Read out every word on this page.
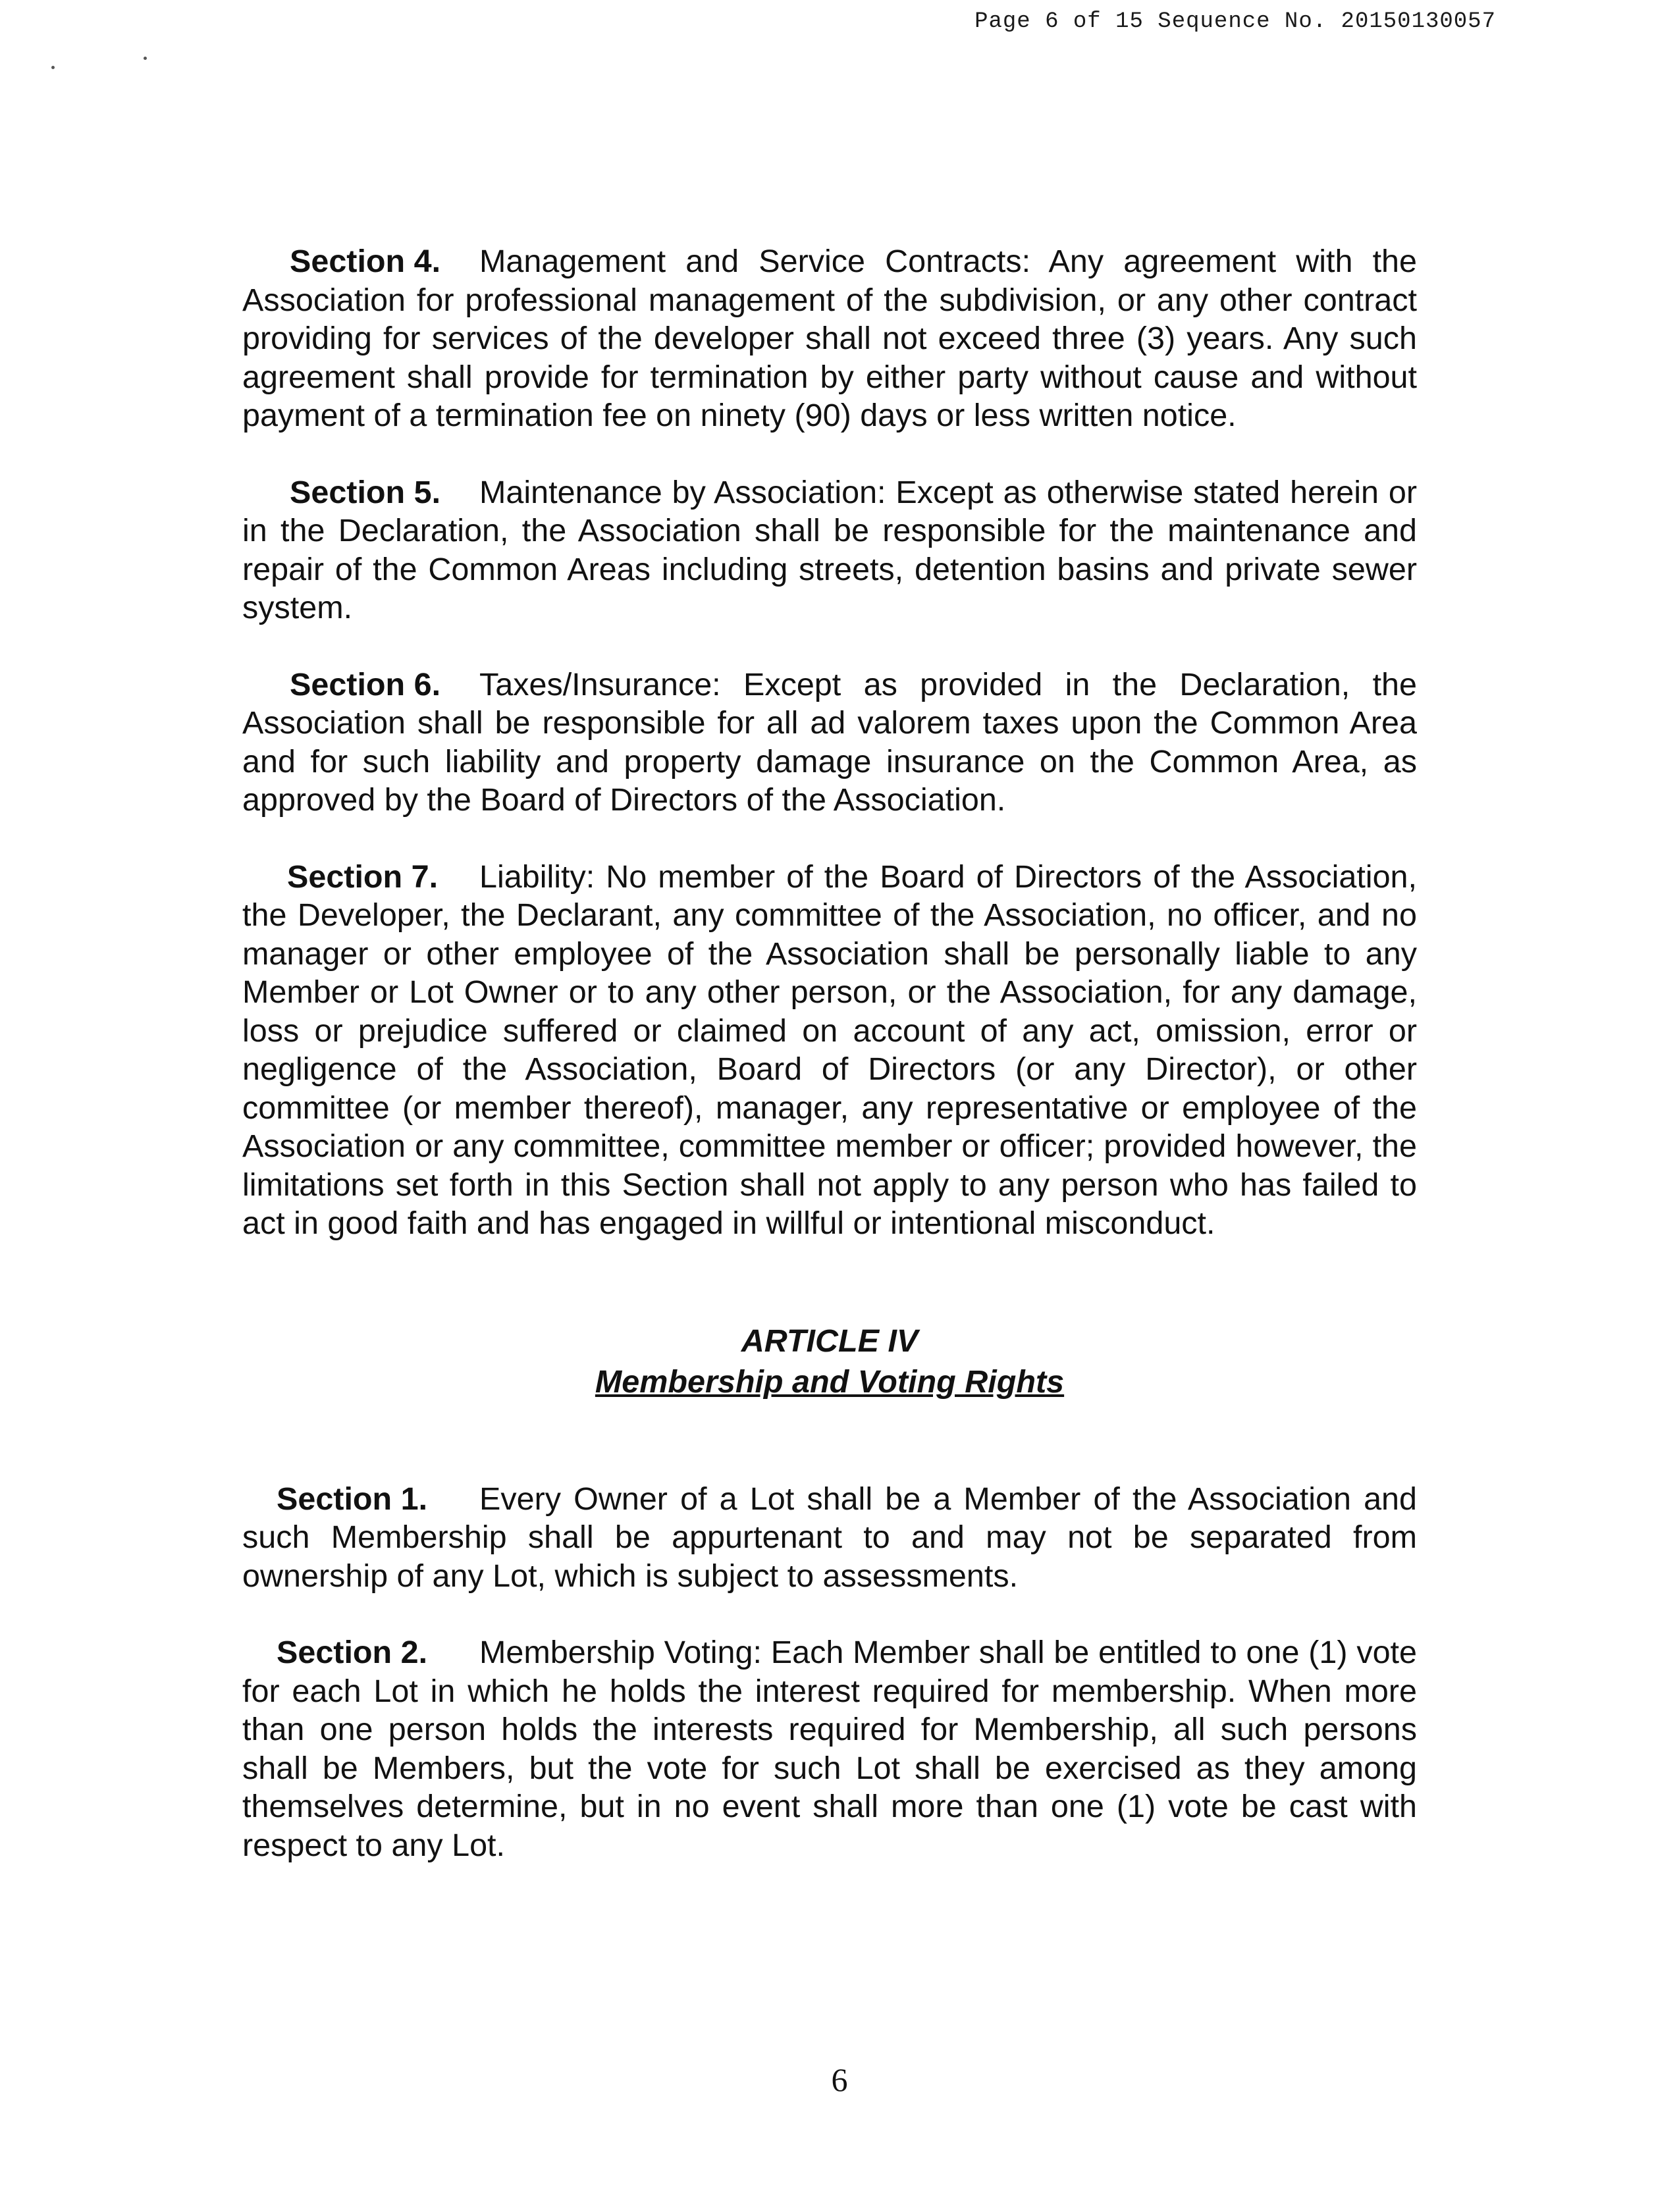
Page 6 of 15 Sequence No. 20150130057

Section 4. Management and Service Contracts: Any agreement with the Association for professional management of the subdivision, or any other contract providing for services of the developer shall not exceed three (3) years. Any such agreement shall provide for termination by either party without cause and without payment of a termination fee on ninety (90) days or less written notice.

Section 5. Maintenance by Association: Except as otherwise stated herein or in the Declaration, the Association shall be responsible for the maintenance and repair of the Common Areas including streets, detention basins and private sewer system.

Section 6. Taxes/Insurance: Except as provided in the Declaration, the Association shall be responsible for all ad valorem taxes upon the Common Area and for such liability and property damage insurance on the Common Area, as approved by the Board of Directors of the Association.

Section 7. Liability: No member of the Board of Directors of the Association, the Developer, the Declarant, any committee of the Association, no officer, and no manager or other employee of the Association shall be personally liable to any Member or Lot Owner or to any other person, or the Association, for any damage, loss or prejudice suffered or claimed on account of any act, omission, error or negligence of the Association, Board of Directors (or any Director), or other committee (or member thereof), manager, any representative or employee of the Association or any committee, committee member or officer; provided however, the limitations set forth in this Section shall not apply to any person who has failed to act in good faith and has engaged in willful or intentional misconduct.

ARTICLE IV
Membership and Voting Rights

Section 1. Every Owner of a Lot shall be a Member of the Association and such Membership shall be appurtenant to and may not be separated from ownership of any Lot, which is subject to assessments.

Section 2. Membership Voting: Each Member shall be entitled to one (1) vote for each Lot in which he holds the interest required for membership. When more than one person holds the interests required for Membership, all such persons shall be Members, but the vote for such Lot shall be exercised as they among themselves determine, but in no event shall more than one (1) vote be cast with respect to any Lot.

6
